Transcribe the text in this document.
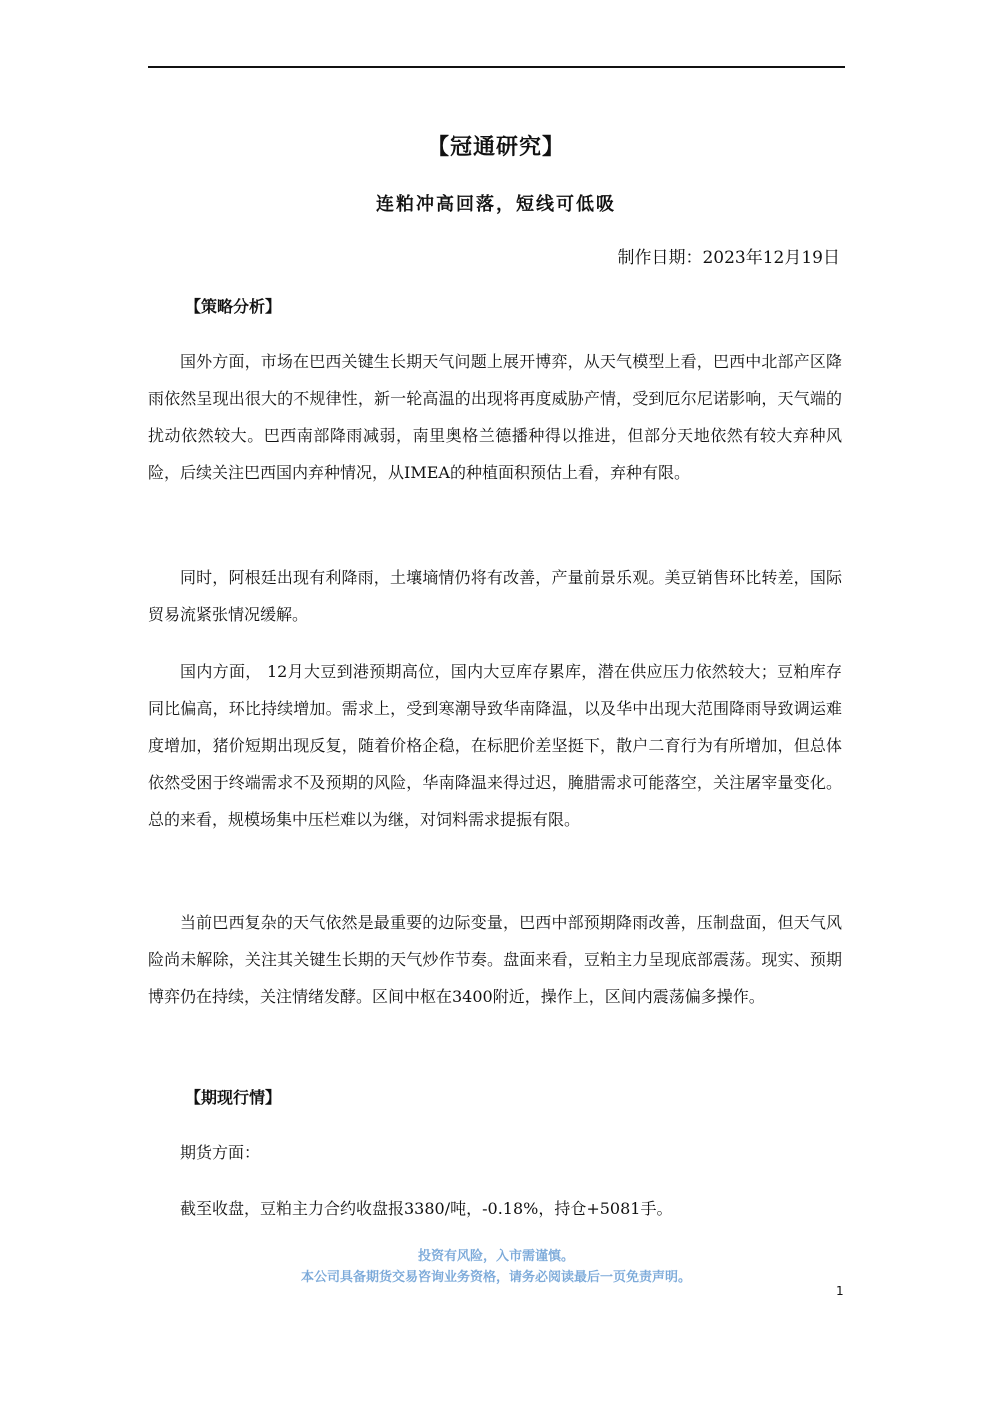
【冠通研究】
连粕冲高回落，短线可低吸
制作日期：2023年12月19日
【策略分析】

国外方面，市场在巴西关键生长期天气问题上展开博弈，从天气模型上看，巴西中北部产区降雨依然呈现出很大的不规律性，新一轮高温的出现将再度威胁产情，受到厄尔尼诺影响，天气端的扰动依然较大。巴西南部降雨减弱，南里奥格兰德播种得以推进，但部分天地依然有较大弃种风险，后续关注巴西国内弃种情况，从IMEA的种植面积预估上看，弃种有限。

同时，阿根廷出现有利降雨，土壤墒情仍将有改善，产量前景乐观。美豆销售环比转差，国际贸易流紧张情况缓解。

国内方面， 12月大豆到港预期高位，国内大豆库存累库，潜在供应压力依然较大；豆粕库存同比偏高，环比持续增加。需求上，受到寒潮导致华南降温，以及华中出现大范围降雨导致调运难度增加，猪价短期出现反复，随着价格企稳，在标肥价差坚挺下，散户二育行为有所增加，但总体依然受困于终端需求不及预期的风险，华南降温来得过迟，腌腊需求可能落空，关注屠宰量变化。总的来看，规模场集中压栏难以为继，对饲料需求提振有限。

当前巴西复杂的天气依然是最重要的边际变量，巴西中部预期降雨改善，压制盘面，但天气风险尚未解除，关注其关键生长期的天气炒作节奏。盘面来看，豆粕主力呈现底部震荡。现实、预期博弈仍在持续，关注情绪发酵。区间中枢在3400附近，操作上，区间内震荡偏多操作。

【期现行情】

期货方面：

截至收盘，豆粕主力合约收盘报3380/吨，-0.18%，持仓+5081手。

投资有风险，入市需谨慎。
本公司具备期货交易咨询业务资格，请务必阅读最后一页免责声明。
1
